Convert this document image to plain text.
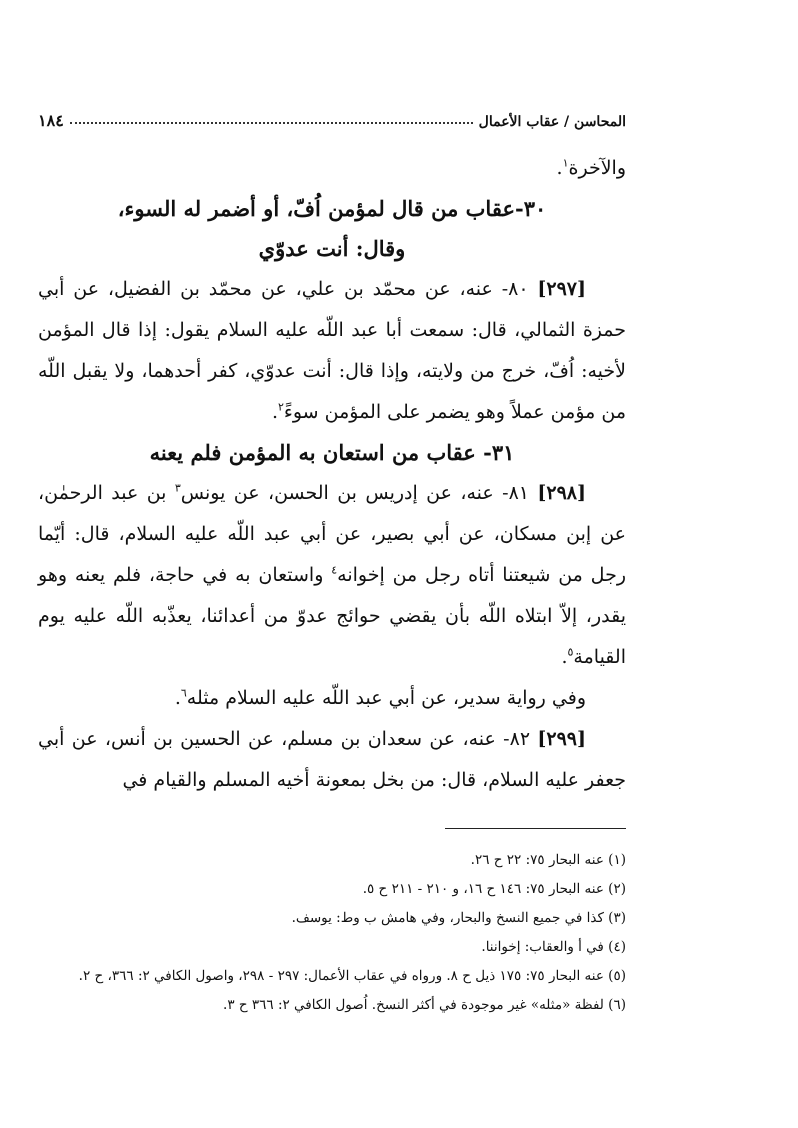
المحاسن / عقاب الأعمال
١٨٤

والآخرة$^١$.

٣٠-عقاب من قال لمؤمن اُفّ، أو أضمر له السوء،
وقال: أنت عدوّي

[٢٩٧] ٨٠- عنه، عن محمّد بن علي، عن محمّد بن الفضيل، عن أبي حمزة الثمالي، قال: سمعت أبا عبد اللّه عليه السلام يقول: إذا قال المؤمن لأخيه: اُفّ، خرج من ولايته، وإذا قال: أنت عدوّي، كفر أحدهما، ولا يقبل اللّه من مؤمن عملاً وهو يضمر على المؤمن سوءً$^٢$.

٣١- عقاب من استعان به المؤمن فلم يعنه

[٢٩٨] ٨١- عنه، عن إدريس بن الحسن، عن يونس$^٣$ بن عبد الرحمٰن، عن إبن مسكان، عن أبي بصير، عن أبي عبد اللّه عليه السلام، قال: أيّما رجل من شيعتنا أتاه رجل من إخوانه$^٤$ واستعان به في حاجة، فلم يعنه وهو يقدر، إلاّ ابتلاه اللّه بأن يقضي حوائج عدوّ من أعدائنا، يعذّبه اللّه عليه يوم القيامة$^٥$.

وفي رواية سدير، عن أبي عبد اللّه عليه السلام مثله$^٦$.

[٢٩٩] ٨٢- عنه، عن سعدان بن مسلم، عن الحسين بن أنس، عن أبي جعفر عليه السلام، قال: من بخل بمعونة أخيه المسلم والقيام في

(١) عنه البحار ٧٥: ٢٢ ح ٢٦.
(٢) عنه البحار ٧٥: ١٤٦ ح ١٦، و ٢١٠ - ٢١١ ح ٥.
(٣) كذا في جميع النسخ والبحار، وفي هامش ب وط: يوسف.
(٤) في أ والعقاب: إخواننا.
(٥) عنه البحار ٧٥: ١٧٥ ذيل ح ٨. ورواه في عقاب الأعمال: ٢٩٧ - ٢٩٨، واصول الكافي ٢: ٣٦٦، ح ٢.
(٦) لفظة «مثله» غير موجودة في أكثر النسخ. اُصول الكافي ٢: ٣٦٦ ح ٣.
